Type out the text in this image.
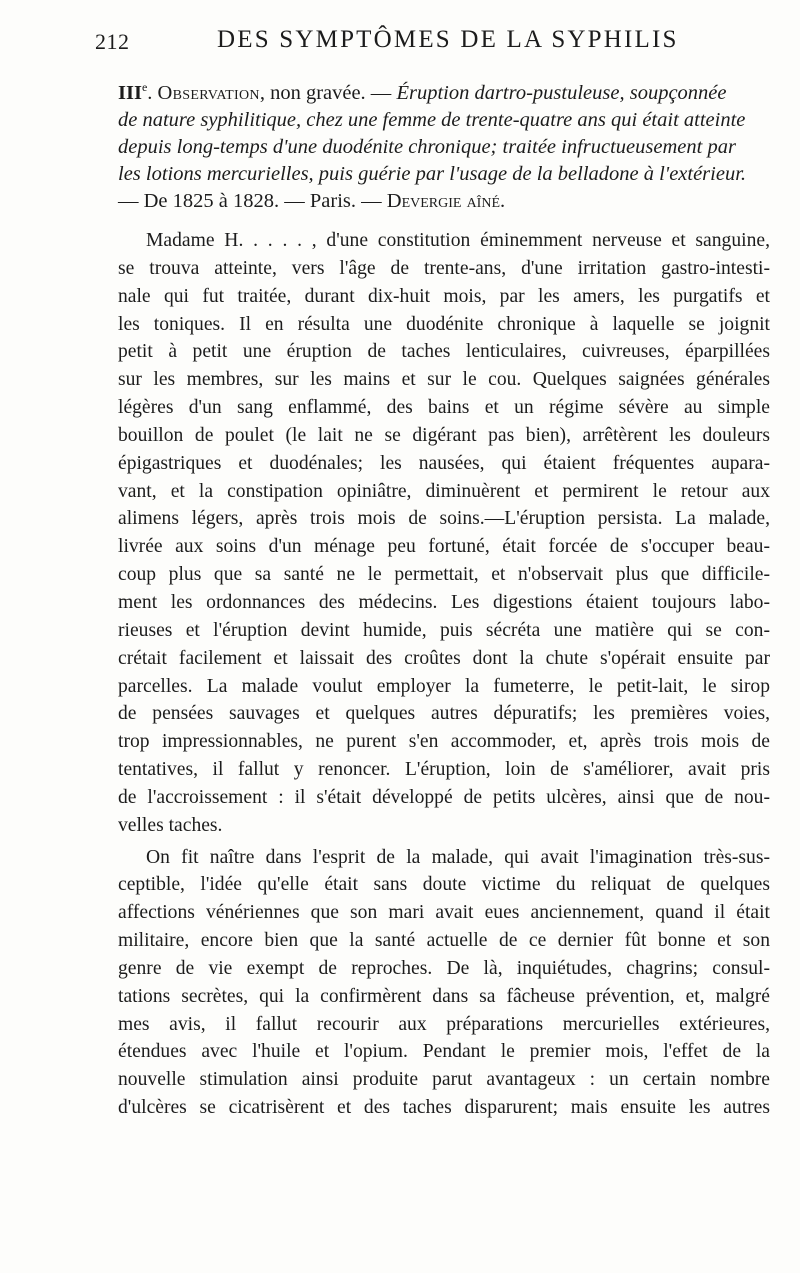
212	DES SYMPTÔMES DE LA SYPHILIS
IIIe. Observation, non gravée. — Éruption dartro-pustuleuse, soupçonnée
de nature syphilitique, chez une femme de trente-quatre ans qui était atteinte
depuis long-temps d'une duodénite chronique; traitée infructueusement par
les lotions mercurielles, puis guérie par l'usage de la belladone à l'extérieur.
— De 1825 à 1828. — Paris. — Devergie aîné.

Madame H. . . . . , d'une constitution éminemment nerveuse et sanguine,
se trouva atteinte, vers l'âge de trente-ans, d'une irritation gastro-intesti-
nale qui fut traitée, durant dix-huit mois, par les amers, les purgatifs et
les toniques. Il en résulta une duodénite chronique à laquelle se joignit
petit à petit une éruption de taches lenticulaires, cuivreuses, éparpillées
sur les membres, sur les mains et sur le cou. Quelques saignées générales
légères d'un sang enflammé, des bains et un régime sévère au simple
bouillon de poulet (le lait ne se digérant pas bien), arrêtèrent les douleurs
épigastriques et duodénales; les nausées, qui étaient fréquentes aupara-
vant, et la constipation opiniâtre, diminuèrent et permirent le retour aux
alimens légers, après trois mois de soins.—L'éruption persista. La malade,
livrée aux soins d'un ménage peu fortuné, était forcée de s'occuper beau-
coup plus que sa santé ne le permettait, et n'observait plus que difficile-
ment les ordonnances des médecins. Les digestions étaient toujours labo-
rieuses et l'éruption devint humide, puis sécréta une matière qui se con-
crétait facilement et laissait des croûtes dont la chute s'opérait ensuite par
parcelles. La malade voulut employer la fumeterre, le petit-lait, le sirop
de pensées sauvages et quelques autres dépuratifs; les premières voies,
trop impressionnables, ne purent s'en accommoder, et, après trois mois de
tentatives, il fallut y renoncer. L'éruption, loin de s'améliorer, avait pris
de l'accroissement : il s'était développé de petits ulcères, ainsi que de nou-
velles taches.

On fit naître dans l'esprit de la malade, qui avait l'imagination très-sus-
ceptible, l'idée qu'elle était sans doute victime du reliquat de quelques
affections vénériennes que son mari avait eues anciennement, quand il était
militaire, encore bien que la santé actuelle de ce dernier fût bonne et son
genre de vie exempt de reproches. De là, inquiétudes, chagrins; consul-
tations secrètes, qui la confirmèrent dans sa fâcheuse prévention, et, malgré
mes avis, il fallut recourir aux préparations mercurielles extérieures,
étendues avec l'huile et l'opium. Pendant le premier mois, l'effet de la
nouvelle stimulation ainsi produite parut avantageux : un certain nombre
d'ulcères se cicatrisèrent et des taches disparurent; mais ensuite les autres
